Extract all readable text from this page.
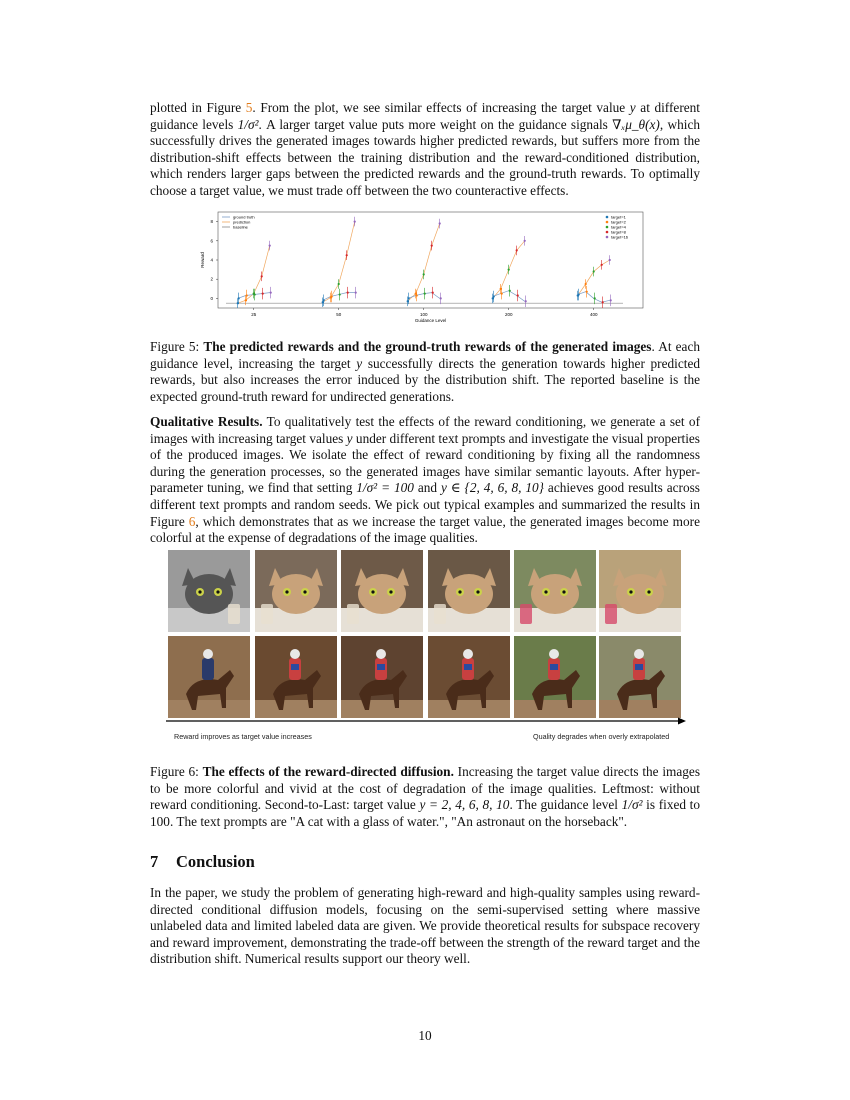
plotted in Figure 5. From the plot, we see similar effects of increasing the target value y at different guidance levels 1/σ². A larger target value puts more weight on the guidance signals ∇ₓμ_θ(x), which successfully drives the generated images towards higher predicted rewards, but suffers more from the distribution-shift effects between the training distribution and the reward-conditioned distribution, which renders larger gaps between the predicted rewards and the ground-truth rewards. To optimally choose a target value, we must trade off between the two counteractive effects.

0
2
4
6
8
Reward
25	50	100	200	400
Guidance Level
ground truth
prediction
baseline
target=1
target=2
target=4
target=8
target=16

Figure 5: The predicted rewards and the ground-truth rewards of the generated images. At each guidance level, increasing the target y successfully directs the generation towards higher predicted rewards, but also increases the error induced by the distribution shift. The reported baseline is the expected ground-truth reward for undirected generations.

Qualitative Results. To qualitatively test the effects of the reward conditioning, we generate a set of images with increasing target values y under different text prompts and investigate the visual properties of the produced images. We isolate the effect of reward conditioning by fixing all the randomness during the generation processes, so the generated images have similar semantic layouts. After hyper-parameter tuning, we find that setting 1/σ² = 100 and y ∈ {2, 4, 6, 8, 10} achieves good results across different text prompts and random seeds. We pick out typical examples and summarized the results in Figure 6, which demonstrates that as we increase the target value, the generated images become more colorful at the expense of degradations of the image qualities.

Reward improves as target value increases	Quality degrades when overly extrapolated

Figure 6: The effects of the reward-directed diffusion. Increasing the target value directs the images to be more colorful and vivid at the cost of degradation of the image qualities. Leftmost: without reward conditioning. Second-to-Last: target value y = 2, 4, 6, 8, 10. The guidance level 1/σ² is fixed to 100. The text prompts are "A cat with a glass of water.", "An astronaut on the horseback".

7 Conclusion

In the paper, we study the problem of generating high-reward and high-quality samples using reward-directed conditional diffusion models, focusing on the semi-supervised setting where massive unlabeled data and limited labeled data are given. We provide theoretical results for subspace recovery and reward improvement, demonstrating the trade-off between the strength of the reward target and the distribution shift. Numerical results support our theory well.

10
